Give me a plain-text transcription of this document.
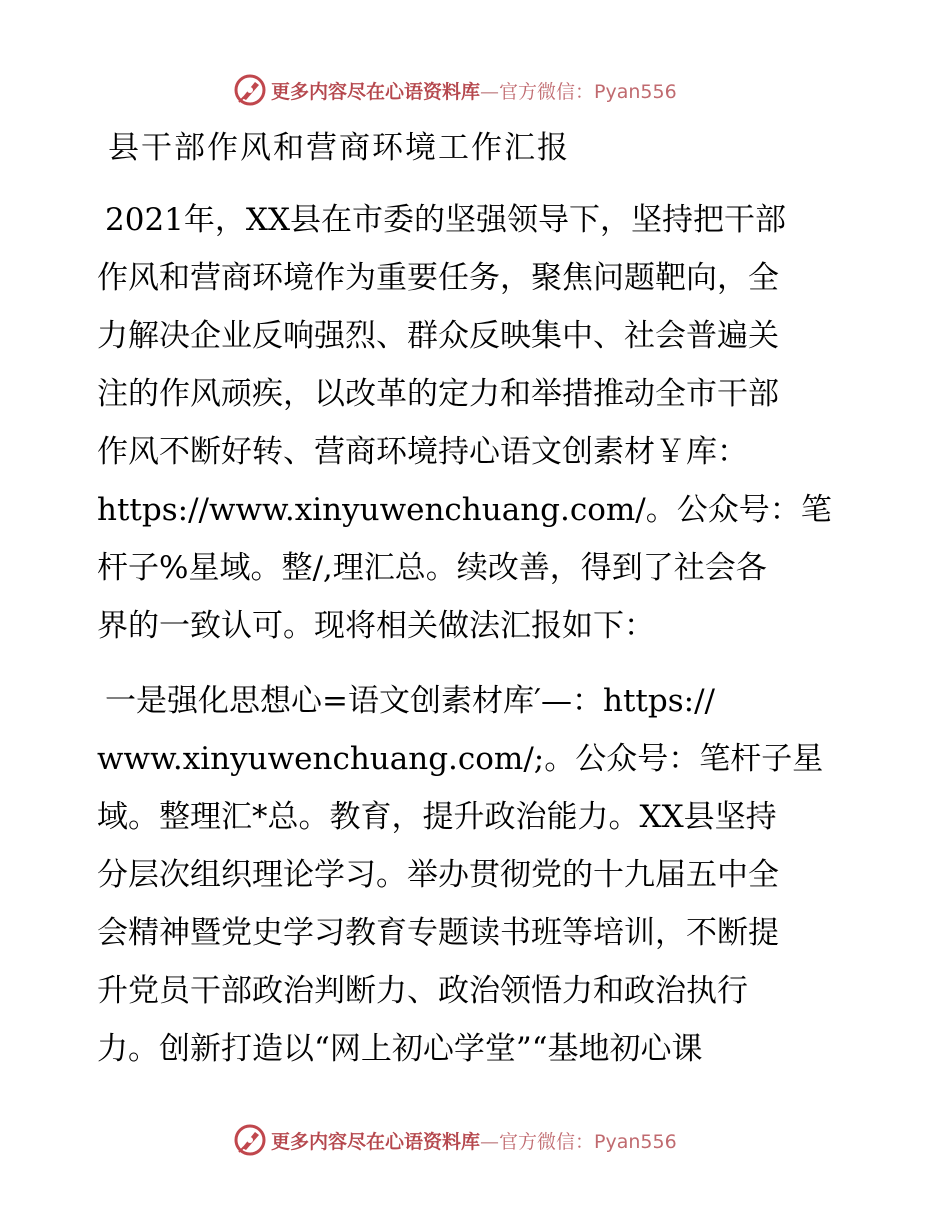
更多内容尽在心语资料库—官方微信：Pyan556
县干部作风和营商环境工作汇报
2021年，XX县在市委的坚强领导下，坚持把干部
作风和营商环境作为重要任务，聚焦问题靶向，全
力解决企业反响强烈、群众反映集中、社会普遍关
注的作风顽疾，以改革的定力和举措推动全市干部
作风不断好转、营商环境持心语文创素材￥库：
https://www.xinyuwenchuang.com/。公众号：笔
杆子%星域。整/,理汇总。续改善，得到了社会各
界的一致认可。现将相关做法汇报如下：
一是强化思想心=语文创素材库′—：https://
www.xinyuwenchuang.com/;。公众号：笔杆子星
域。整理汇*总。教育，提升政治能力。XX县坚持
分层次组织理论学习。举办贯彻党的十九届五中全
会精神暨党史学习教育专题读书班等培训，不断提
升党员干部政治判断力、政治领悟力和政治执行
力。创新打造以“网上初心学堂”“基地初心课
更多内容尽在心语资料库—官方微信：Pyan556
